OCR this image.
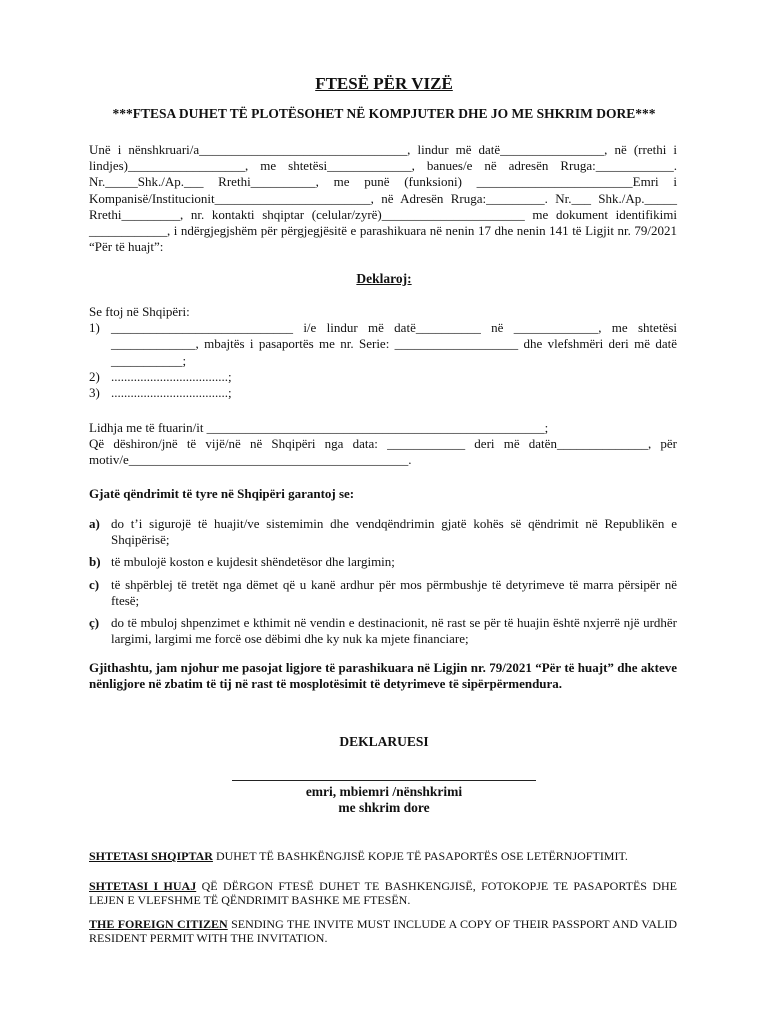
FTESË PËR VIZË
***FTESA DUHET TË PLOTËSOHET NË KOMPJUTER DHE JO ME SHKRIM DORE***

Unë i nënshkruari/a________________________________, lindur më datë________________, në (rrethi i lindjes)__________________, me shtetësi_____________, banues/e në adresën Rruga:____________. Nr._____Shk./Ap.___ Rrethi__________, me punë (funksioni) ________________________Emri i Kompanisë/Institucionit________________________, në Adresën Rruga:_________. Nr.___ Shk./Ap._____ Rrethi_________, nr. kontakti shqiptar (celular/zyrë)______________________ me dokument identifikimi ____________, i ndërgjegjshëm për përgjegjësitë e parashikuara në nenin 17 dhe nenin 141 të Ligjit nr. 79/2021 “Për të huajt”:

Deklaroj:
Se ftoj në Shqipëri:
1) ____________________________ i/e lindur më datë__________ në _____________, me shtetësi _____________, mbajtës i pasaportës me nr. Serie: ___________________ dhe vlefshmëri deri më datë ___________;
2) ....................................;
3) ....................................;
Lidhja me të ftuarin/it ____________________________________________________;
Që dëshiron/jnë të vijë/në në Shqipëri nga data: ____________ deri më datën______________, për motiv/e___________________________________________.
Gjatë qëndrimit të tyre në Shqipëri garantoj se:
a) do t’i sigurojë të huajit/ve sistemimin dhe vendqëndrimin gjatë kohës së qëndrimit në Republikën e Shqipërisë;
b) të mbulojë koston e kujdesit shëndetësor dhe largimin;
c) të shpërblej të tretët nga dëmet që u kanë ardhur për mos përmbushje të detyrimeve të marra përsipër në ftesë;
ç) do të mbuloj shpenzimet e kthimit në vendin e destinacionit, në rast se për të huajin është nxjerrë një urdhër largimi, largimi me forcë ose dëbimi dhe ky nuk ka mjete financiare;
Gjithashtu, jam njohur me pasojat ligjore të parashikuara në Ligjin nr. 79/2021 “Për të huajt” dhe akteve nënligjore në zbatim të tij në rast të mosplotësimit të detyrimeve të sipërpërmendura.
DEKLARUESI
emri, mbiemri /nënshkrimi
me shkrim dore
SHTETASI SHQIPTAR DUHET TË BASHKËNGJISË KOPJE TË PASAPORTËS OSE LETËRNJOFTIMIT.
SHTETASI I HUAJ QË DËRGON FTESË DUHET TE BASHKENGJISË, FOTOKOPJE TE PASAPORTËS DHE LEJEN E VLEFSHME TË QËNDRIMIT BASHKE ME FTESËN.
THE FOREIGN CITIZEN SENDING THE INVITE MUST INCLUDE A COPY OF THEIR PASSPORT AND VALID RESIDENT PERMIT WITH THE INVITATION.
